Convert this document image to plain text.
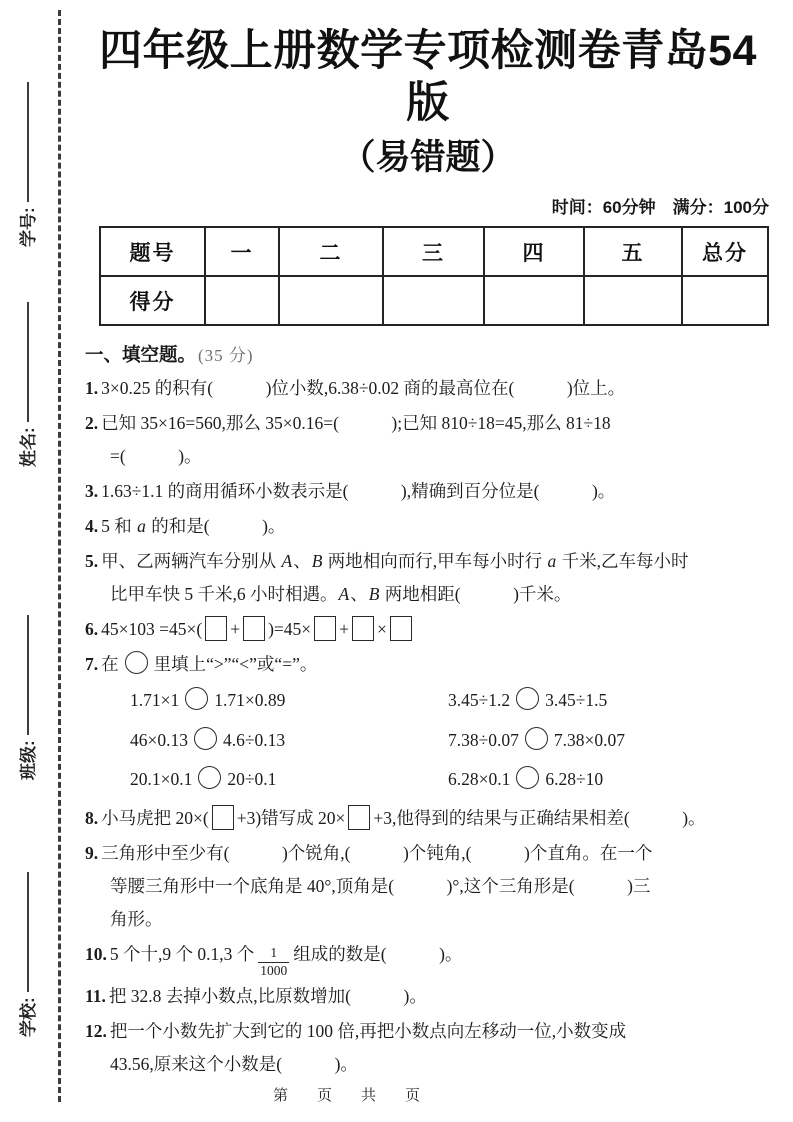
学号:
姓名:
班级:
学校:
四年级上册数学专项检测卷青岛54版
（易错题）
时间：60分钟　满分：100分
题号	一	二	三	四	五	总分
得分						
一、填空题。 (35 分)
1. 3×0.25 的积有(　　　)位小数,6.38÷0.02 商的最高位在(　　　)位上。
2. 已知 35×16=560,那么 35×0.16=(　　　);已知 810÷18=45,那么 81÷18
=(　　　)。
3. 1.63÷1.1 的商用循环小数表示是(　　　),精确到百分位是(　　　)。
4. 5 和 a 的和是(　　　)。
5. 甲、乙两辆汽车分别从 A、B 两地相向而行,甲车每小时行 a 千米,乙车每小时
比甲车快 5 千米,6 小时相遇。A、B 两地相距(　　　)千米。
6. 45×103 =45×( + )=45× + ×
7. 在 里填上“>”“<”或“=”。
1.71×1 1.71×0.89	3.45÷1.2 3.45÷1.5
46×0.13 4.6÷0.13	7.38÷0.07 7.38×0.07
20.1×0.1 20÷0.1	6.28×0.1 6.28÷10
8. 小马虎把 20×( +3)错写成 20× +3,他得到的结果与正确结果相差(　　　)。
9. 三角形中至少有(　　　)个锐角,(　　　)个钝角,(　　　)个直角。在一个
等腰三角形中一个底角是 40°,顶角是(　　　)°,这个三角形是(　　　)三
角形。
10. 5 个十,9 个 0.1,3 个 $\frac{1}{1000}$ 组成的数是(　　　)。
11. 把 32.8 去掉小数点,比原数增加(　　　)。
12. 把一个小数先扩大到它的 100 倍,再把小数点向左移动一位,小数变成
43.56,原来这个小数是(　　　)。
第　页　共　页
